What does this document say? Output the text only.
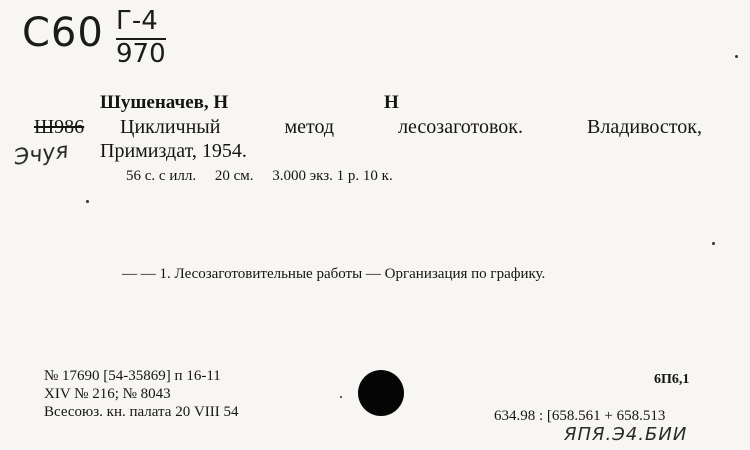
С60 Г-4
970
Шушеначев, Н	Н
Ш986 Цикличный	метод	лесозаготовок.	Владивосток,
Примиздат, 1954.
56 с. с илл.     20 см.     3.000 экз. 1 р. 10 к.
Эчуя
— — 1. Лесозаготовительные работы — Организация по графику.
№ 17690 [54-35869] п 16-11
XIV № 216; № 8043
Всесоюз. кн. палата 20 VIII 54
6П6,1
634.98 : [658.561 + 658.513
ЯПЯ.Э4.БИИ
